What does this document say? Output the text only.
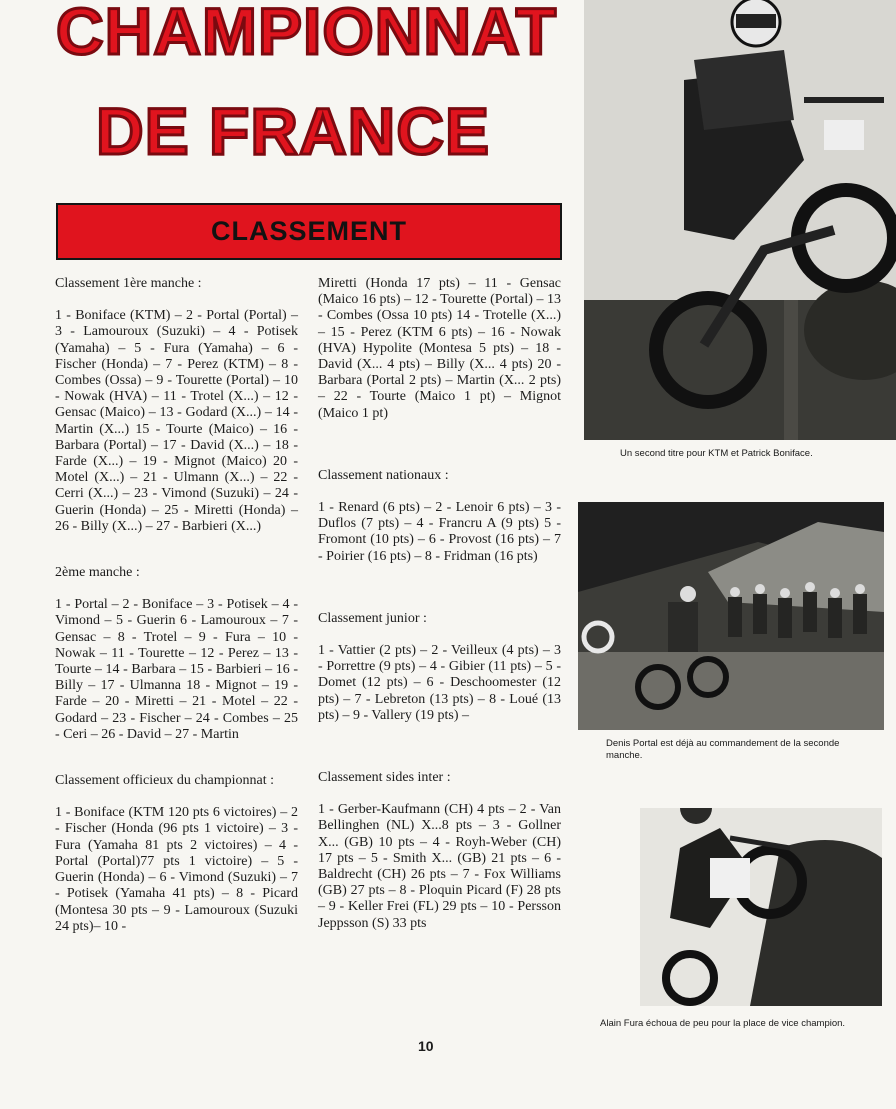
CHAMPIONNAT
DE FRANCE
CLASSEMENT

Classement 1ère manche :

1 - Boniface (KTM) – 2 - Portal (Portal) – 3 - Lamouroux (Suzuki) – 4 - Potisek (Yamaha) – 5 - Fura (Yamaha) – 6 - Fischer (Honda) – 7 - Perez (KTM) – 8 - Combes (Ossa) – 9 - Tourette (Portal) – 10 - Nowak (HVA) – 11 - Trotel (X...) – 12 - Gensac (Maico) – 13 - Godard (X...) – 14 - Martin (X...) 15 - Tourte (Maico) – 16 - Barbara (Portal) – 17 - David (X...) – 18 - Farde (X...) – 19 - Mignot (Maico) 20 - Motel (X...) – 21 - Ulmann (X...) – 22 - Cerri (X...) – 23 - Vimond (Suzuki) – 24 - Guerin (Honda) – 25 - Miretti (Honda) – 26 - Billy (X...) – 27 - Barbieri (X...)

2ème manche :

1 - Portal – 2 - Boniface – 3 - Potisek – 4 - Vimond – 5 - Guerin 6 - Lamouroux – 7 - Gensac – 8 - Trotel – 9 - Fura – 10 - Nowak – 11 - Tourette – 12 - Perez – 13 - Tourte – 14 - Barbara – 15 - Barbieri – 16 - Billy – 17 - Ulmanna 18 - Mignot – 19 - Farde – 20 - Miretti – 21 - Motel – 22 - Godard – 23 - Fischer – 24 - Combes – 25 - Ceri – 26 - David – 27 - Martin

Classement officieux du championnat :

1 - Boniface (KTM 120 pts 6 victoires) – 2 - Fischer (Honda (96 pts 1 victoire) – 3 - Fura (Yamaha 81 pts 2 victoires) – 4 - Portal (Portal)77 pts 1 victoire) – 5 - Guerin (Honda) – 6 - Vimond (Suzuki) – 7 - Potisek (Yamaha 41 pts) – 8 - Picard (Montesa 30 pts – 9 - Lamouroux (Suzuki 24 pts)– 10 -

Miretti (Honda 17 pts) – 11 - Gensac (Maico 16 pts) – 12 - Tourette (Portal) – 13 - Combes (Ossa 10 pts) 14 - Trotelle (X...) – 15 - Perez (KTM 6 pts) – 16 - Nowak (HVA) Hypolite (Montesa 5 pts) – 18 - David (X... 4 pts) – Billy (X... 4 pts) 20 - Barbara (Portal 2 pts) – Martin (X... 2 pts) – 22 - Tourte (Maico 1 pt) – Mignot (Maico 1 pt)

Classement nationaux :

1 - Renard (6 pts) – 2 - Lenoir 6 pts) – 3 - Duflos (7 pts) – 4 - Francru A (9 pts) 5 - Fromont (10 pts) – 6 - Provost (16 pts) – 7 - Poirier (16 pts) – 8 - Fridman (16 pts)

Classement junior :

1 - Vattier (2 pts) – 2 - Veilleux (4 pts) – 3 - Porrettre (9 pts) – 4 - Gibier (11 pts) – 5 - Domet (12 pts) – 6 - Deschoomester (12 pts) – 7 - Lebreton (13 pts) – 8 - Loué (13 pts) – 9 - Vallery (19 pts) –

Classement sides inter :

1 - Gerber-Kaufmann (CH) 4 pts – 2 - Van Bellinghen (NL) X...8 pts – 3 - Gollner X... (GB) 10 pts – 4 - Royh-Weber (CH) 17 pts – 5 - Smith X... (GB) 21 pts – 6 - Baldrecht (CH) 26 pts – 7 - Fox Williams (GB) 27 pts – 8 - Ploquin Picard (F) 28 pts – 9 - Keller Frei (FL) 29 pts – 10 - Persson Jeppsson (S) 33 pts

Un second titre pour KTM et Patrick Boniface.
Denis Portal est déjà au commandement de la seconde manche.
Alain Fura échoua de peu pour la place de vice champion.
10
